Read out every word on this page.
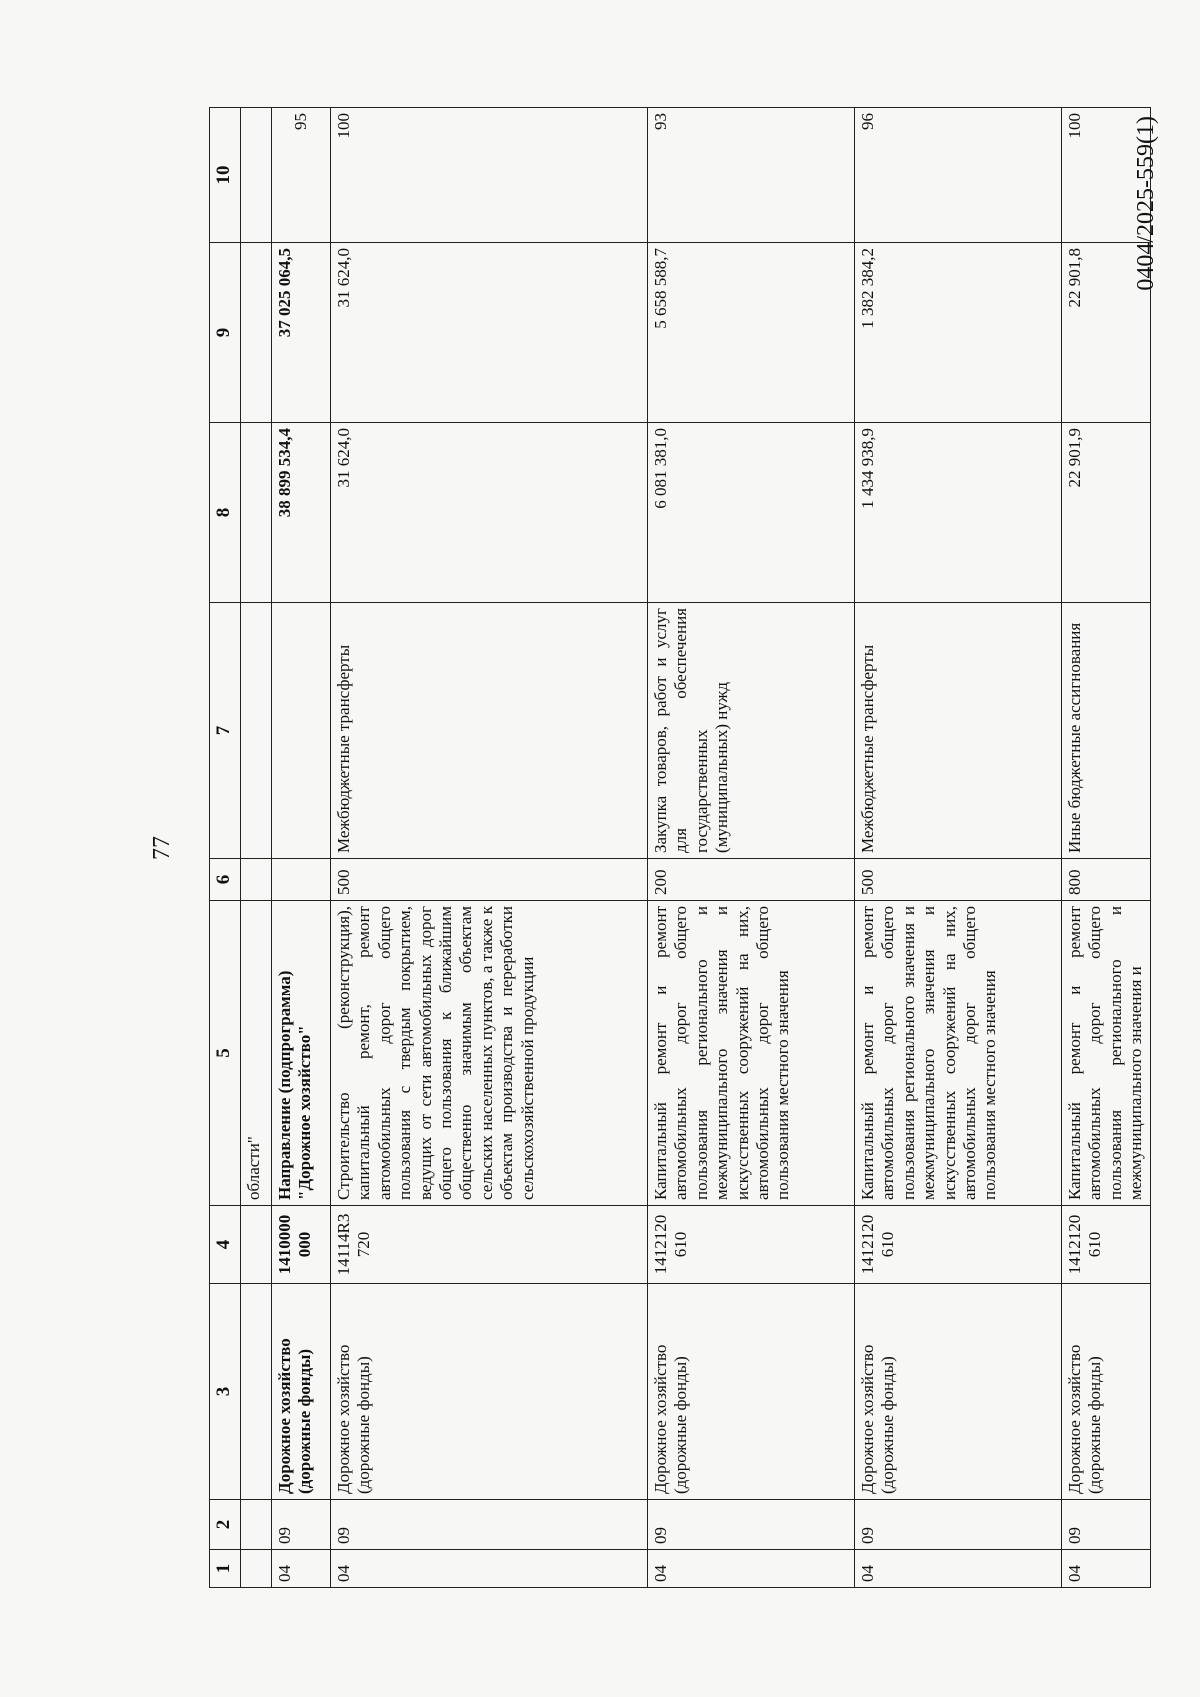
77
1	2	3	4	5	6	7	8	9	10
				области"					
04	09	Дорожное хозяйство (дорожные фонды)	1410000 000	Направление (подпрограмма) "Дорожное хозяйство"			38 899 534,4	37 025 064,5	95
04	09	Дорожное хозяйство (дорожные фонды)	14114R3 720	Строительство (реконструкция), капитальный ремонт, ремонт автомобильных дорог общего пользования с твердым покрытием, ведущих от сети автомобильных дорог общего пользования к ближайшим общественно значимым объектам сельских населенных пунктов, а также к объектам производства и переработки сельскохозяйственной продукции	500	Межбюджетные трансферты	31 624,0	31 624,0	100
04	09	Дорожное хозяйство (дорожные фонды)	1412120 610	Капитальный ремонт и ремонт автомобильных дорог общего пользования регионального и межмуниципального значения и искусственных сооружений на них, автомобильных дорог общего пользования местного значения	200	Закупка товаров, работ и услуг для обеспечения государственных (муниципальных) нужд	6 081 381,0	5 658 588,7	93
04	09	Дорожное хозяйство (дорожные фонды)	1412120 610	Капитальный ремонт и ремонт автомобильных дорог общего пользования регионального значения и межмуниципального значения и искусственных сооружений на них, автомобильных дорог общего пользования местного значения	500	Межбюджетные трансферты	1 434 938,9	1 382 384,2	96
04	09	Дорожное хозяйство (дорожные фонды)	1412120 610	Капитальный ремонт и ремонт автомобильных дорог общего пользования регионального и межмуниципального значения и	800	Иные бюджетные ассигнования	22 901,9	22 901,8	100 0404/2025-559(1)
